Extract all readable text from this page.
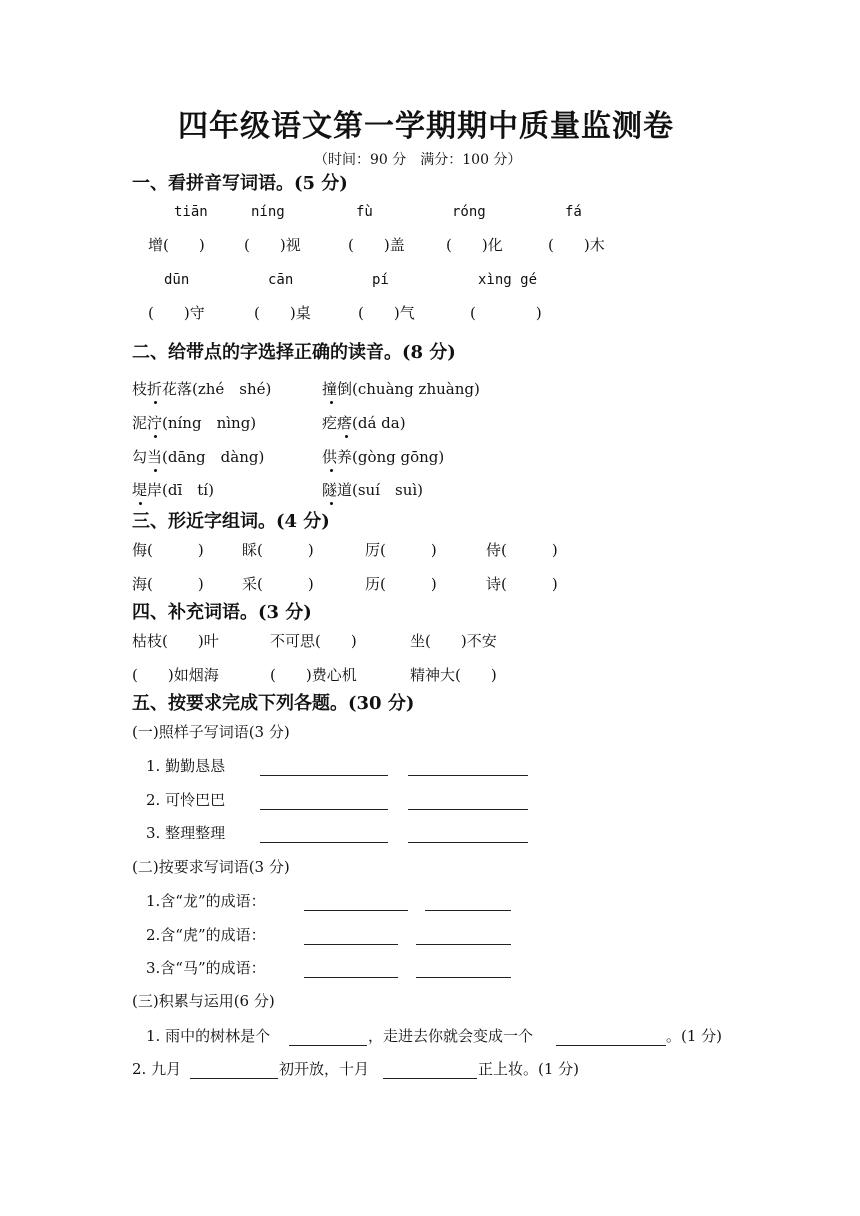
四年级语文第一学期期中质量监测卷
（时间：90 分　满分：100 分）
一、看拼音写词语。(5 分)
tiān	níng	fù	róng	fá
增(　　)	(　　)视	(　　)盖	(　　)化	(　　)木
dūn	cān	pí	xìng gé
(　　)守	(　　)桌	(　　)气	(　　　　)
二、给带点的字选择正确的读音。(8 分)
枝折花落(zhé　shé)	撞倒(chuàng zhuàng)
泥泞(níng　nìng)	疙瘩(dá da)
勾当(dāng　dàng)	供养(gòng gōng)
堤岸(dī　tí)	隧道(suí　suì)
三、形近字组词。(4 分)
侮(　　　)	睬(　　　)	厉(　　　)	侍(　　　)
海(　　　)	采(　　　)	历(　　　)	诗(　　　)
四、补充词语。(3 分)
枯枝(　　)叶	不可思(　　)	坐(　　)不安
(　　)如烟海	(　　)费心机	精神大(　　)
五、按要求完成下列各题。(30 分)
(一)照样子写词语(3 分)
1. 勤勤恳恳
2. 可怜巴巴
3. 整理整理
(二)按要求写词语(3 分)
1.含“龙”的成语：
2.含“虎”的成语：
3.含“马”的成语：
(三)积累与运用(6 分)
1. 雨中的树林是个	，走进去你就会变成一个	。(1 分)
2. 九月	初开放，十月	正上妆。(1 分)
